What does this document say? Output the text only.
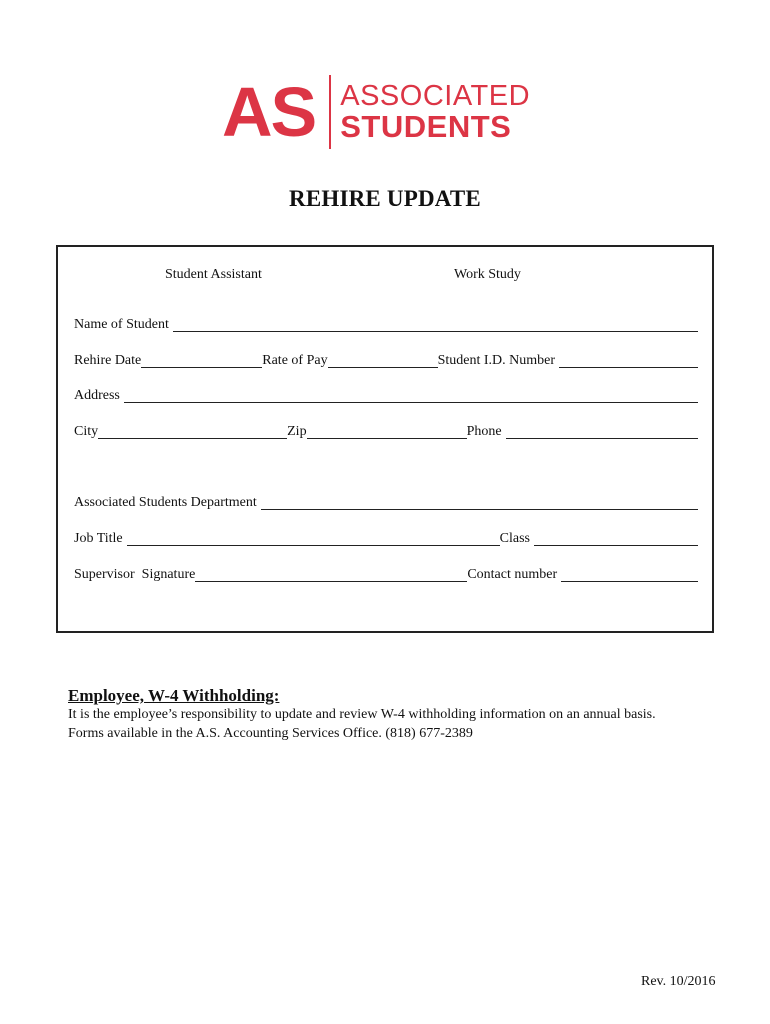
AS ASSOCIATED
STUDENTS
REHIRE UPDATE
Student Assistant	Work Study
Name of Student
Rehire Date	Rate of Pay	Student I.D. Number
Address
City	Zip	Phone
Associated Students Department
Job Title	Class
Supervisor  Signature	Contact number
Employee, W-4 Withholding:
It is the employee’s responsibility to update and review W-4 withholding information on an annual basis.
Forms available in the A.S. Accounting Services Office. (818) 677-2389
Rev. 10/2016
